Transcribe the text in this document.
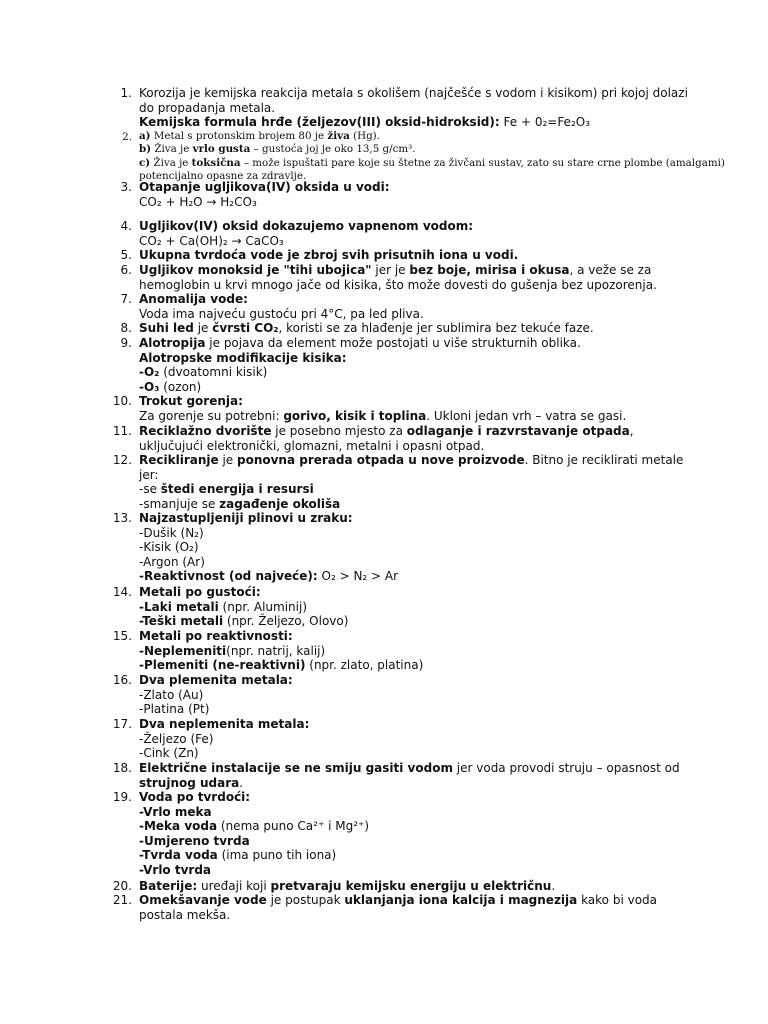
1. Korozija je kemijska reakcija metala s okolišem (najčešće s vodom i kisikom) pri kojoj dolazi
do propadanja metala.
Kemijska formula hrđe (željezov(III) oksid-hidroksid): Fe + 0₂=Fe₂O₃
2. a) Metal s protonskim brojem 80 je živa (Hg).
b) Živa je vrlo gusta – gustoća joj je oko 13,5 g/cm³.
c) Živa je toksična – može ispuštati pare koje su štetne za živčani sustav, zato su stare crne plombe (amalgami)
potencijalno opasne za zdravlje.
3. Otapanje ugljikova(IV) oksida u vodi:
CO₂ + H₂O → H₂CO₃
4. Ugljikov(IV) oksid dokazujemo vapnenom vodom:
CO₂ + Ca(OH)₂ → CaCO₃
5. Ukupna tvrdoća vode je zbroj svih prisutnih iona u vodi.
6. Ugljikov monoksid je "tihi ubojica" jer je bez boje, mirisa i okusa, a veže se za
hemoglobin u krvi mnogo jače od kisika, što može dovesti do gušenja bez upozorenja.
7. Anomalija vode:
Voda ima najveću gustoću pri 4°C, pa led pliva.
8. Suhi led je čvrsti CO₂, koristi se za hlađenje jer sublimira bez tekuće faze.
9. Alotropija je pojava da element može postojati u više strukturnih oblika.
Alotropske modifikacije kisika:
-O₂ (dvoatomni kisik)
-O₃ (ozon)
10. Trokut gorenja:
Za gorenje su potrebni: gorivo, kisik i toplina. Ukloni jedan vrh – vatra se gasi.
11. Reciklažno dvorište je posebno mjesto za odlaganje i razvrstavanje otpada,
uključujući elektronički, glomazni, metalni i opasni otpad.
12. Recikliranje je ponovna prerada otpada u nove proizvode. Bitno je reciklirati metale
jer:
-se štedi energija i resursi
-smanjuje se zagađenje okoliša
13. Najzastupljeniji plinovi u zraku:
-Dušik (N₂)
-Kisik (O₂)
-Argon (Ar)
-Reaktivnost (od najveće): O₂ > N₂ > Ar
14. Metali po gustoći:
-Laki metali (npr. Aluminij)
-Teški metali (npr. Željezo, Olovo)
15. Metali po reaktivnosti:
-Neplemeniti(npr. natrij, kalij)
-Plemeniti (ne-reaktivni) (npr. zlato, platina)
16. Dva plemenita metala:
-Zlato (Au)
-Platina (Pt)
17. Dva neplemenita metala:
-Željezo (Fe)
-Cink (Zn)
18. Električne instalacije se ne smiju gasiti vodom jer voda provodi struju – opasnost od
strujnog udara.
19. Voda po tvrdoći:
-Vrlo meka
-Meka voda (nema puno Ca²⁺ i Mg²⁺)
-Umjereno tvrda
-Tvrda voda (ima puno tih iona)
-Vrlo tvrda
20. Baterije: uređaji koji pretvaraju kemijsku energiju u električnu.
21. Omekšavanje vode je postupak uklanjanja iona kalcija i magnezija kako bi voda
postala mekša.
